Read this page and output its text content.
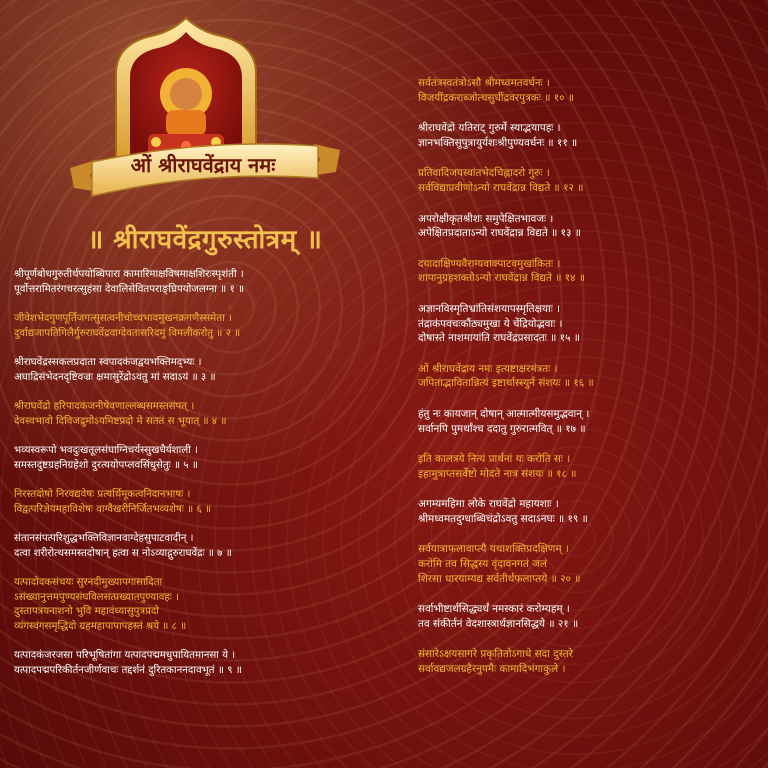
ओं श्रीराघवेंद्राय नमः
॥ श्रीराघवेंद्रगुरुस्तोत्रम् ॥
श्रीपूर्णबोधगुरुतीर्थपयोब्धिपारा कामारिमाक्षविषमाक्षशिरःस्पृशंती ।
पूर्वोत्तरामितरंगचरत्सुहंसा देवालिसेवितपराङ्घ्रिपयोजलग्ना ॥ १ ॥
जीवेशभेदगुणपूर्तिजगत्सुसत्वनीचोच्चभावमुखनक्रगणैस्समेता ।
दुर्वाद्यजापतिगिलैर्गुरुराघवेंद्रवाग्देवतासरिदमुं विमलीकरोतु ॥ २ ॥
श्रीराघवेंद्रस्सकलप्रदाता स्वपादकंजद्वयभक्तिमद्भ्यः ।
अघाद्रिसंभेदनदृष्टिवज्रः क्षमासुरेंद्रोऽवतु मां सदाऽयं ॥ ३ ॥
श्रीराघवेंद्रो हरिपादकंजनीषेवणाल्लब्धसमस्तसंपत् ।
देवस्वभावो दिविजद्रुमोऽयमिष्टप्रदो मे सततं स भूयात् ॥ ४ ॥
भव्यस्वरूपो भवदुःखतूलसंघाग्निचर्यस्सुखधैर्यशाली ।
समस्तदुष्टग्रहनिग्रहेशो दुरत्ययोपप्लवसिंधुसेतुः ॥ ५ ॥
निरस्तदोषो निरवद्यवेषः प्रत्यर्थिमूकत्वनिदानभाषः ।
विद्वत्परिज्ञेयमहाविशेषः वाग्वैखरीनिर्जितभव्यशेषः ॥ ६ ॥
संतानसंपत्परिशुद्धभक्तिविज्ञानवाग्देहसुपाटवादीन् ।
दत्वा शरीरोत्थसमस्तदोषान् हत्वा स नोऽव्याद्गुरुराघवेंद्रः ॥ ७ ॥
यत्पादोदकसंचयः सुरनदीमुख्यापगासादिता
ऽसंख्यानुत्तमपुण्यसंघविलसत्प्रख्यातपुण्यावहः ।
दुस्तापत्रयनाशनो भुवि महावंध्यासुपुत्रप्रदो
व्यंगस्वंगसमृद्धिदो ग्रहमहापापापहस्तं श्रये ॥ ८ ॥
यत्पादकंजरजसा परिभूषितांगा यत्पादपद्ममधुपायितमानसा ये ।
यत्पादपद्मपरिकीर्तनजीर्णवाचः तद्दर्शनं दुरितकाननदावभूतं ॥ ९ ॥
सर्वतंत्रस्वतंत्रोऽसौ श्रीमध्वमतवर्धनः ।
विजयींद्रकराब्जोत्थसुधींद्रवरपुत्रकः ॥ १० ॥
श्रीराघवेंद्रो यतिराट् गुरुर्मे स्याद्भयापहः ।
ज्ञानभक्तिसुपुत्रायुर्यशःश्रीपुण्यवर्धनः ॥ ११ ॥
प्रतिवादिजयस्वांतभेदचिह्नादरो गुरुः ।
सर्वविद्याप्रवीणोऽन्यो राघवेंद्रान्न विद्यते ॥ १२ ॥
अपरोक्षीकृतश्रीशः समुपेक्षितभावजः ।
अपेक्षितप्रदाताऽन्यो राघवेंद्रान्न विद्यते ॥ १३ ॥
दयादाक्षिण्यवैराग्यवाक्पाटवमुखांकितः ।
शापानुग्रहशक्तोऽन्यो राघवेंद्रान्न विद्यते ॥ १४ ॥
अज्ञानविस्मृतिभ्रांतिसंशयापस्मृतिक्षयाः ।
तंद्राकंपवचःकौंठ्यमुखा ये चेंद्रियोद्भवाः ।
दोषास्ते नाशमायांति राघवेंद्रप्रसादतः ॥ १५ ॥
ओं श्रीराघवेंद्राय नमः इत्यष्टाक्षरमंत्रतः ।
जपिताद्भावितान्नित्यं इष्टार्थास्स्युर्न संशयः ॥ १६ ॥
हंतु नः कायजान् दोषान् आत्मात्मीयसमुद्भवान् ।
सर्वानपि पुमर्थांश्च ददातु गुरुरात्मवित् ॥ १७ ॥
इति कालत्रये नित्यं प्रार्थनां यः करोति सः ।
इहामुत्राप्तसर्वेष्टो मोदते नात्र संशयः ॥ १८ ॥
अगम्यमहिमा लोके राघवेंद्रो महायशाः ।
श्रीमध्वमतदुग्धाब्धिचंद्रोऽवतु सदाऽनघः ॥ १९ ॥
सर्वयात्राफलावाप्त्यै यथाशक्तिप्रदक्षिणम् ।
करोमि तव सिद्धस्य वृंदावनगतं जलं
शिरसा धारयाम्यद्य सर्वतीर्थफलाप्तये ॥ २० ॥
सर्वाभीष्टार्थसिद्ध्यर्थं नमस्कारं करोम्यहम् ।
तव संकीर्तनं वेदशास्त्रार्थज्ञानसिद्धये ॥ २१ ॥
संसारेऽक्षयसागरे प्रकृतितोऽगाधे सदा दुस्तरे
सर्वावद्यजलग्रहैरनुपमैः कामादिभंगाकुले ।
